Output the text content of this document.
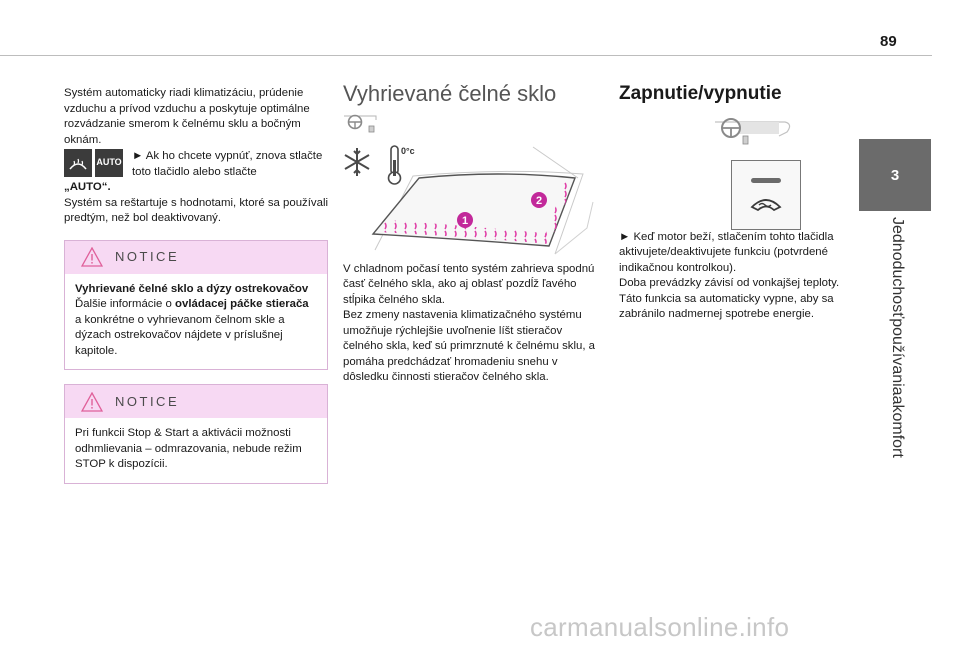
89
3
Jednoduchosťpoužívaniaakomfort

Systém automaticky riadi klimatizáciu, prúdenie vzduchu a prívod vzduchu a poskytuje optimálne rozvádzanie smerom k čelnému sklu a bočným oknám.

AUTO
► Ak ho chcete vypnúť, znova stlačte toto tlačidlo alebo stlačte

„AUTO“.

Systém sa reštartuje s hodnotami, ktoré sa používali predtým, než bol deaktivovaný.

NOTICE
Vyhrievané čelné sklo a dýzy ostrekovačov
Ďalšie informácie o ovládacej páčke stierača a konkrétne o vyhrievanom čelnom skle a dýzach ostrekovačov nájdete v príslušnej kapitole.
NOTICE
Pri funkcii Stop & Start a aktivácii možnosti odhmlievania – odmrazovania, nebude režim STOP k dispozícii.
Vyhrievané čelné sklo
0°c
1
2

V chladnom počasí tento systém zahrieva spodnú časť čelného skla, ako aj oblasť pozdĺž ľavého stĺpika čelného skla.

Bez zmeny nastavenia klimatizačného systému umožňuje rýchlejšie uvoľnenie líšt stieračov čelného skla, keď sú primrznuté k čelnému sklu, a pomáha predchádzať hromadeniu snehu v dôsledku činnosti stieračov čelného skla.

Zapnutie/vypnutie

► Keď motor beží, stlačením tohto tlačidla aktivujete/deaktivujete funkciu (potvrdené indikačnou kontrolkou).

Doba prevádzky závisí od vonkajšej teploty.

Táto funkcia sa automaticky vypne, aby sa zabránilo nadmernej spotrebe energie.

carmanualsonline.info
